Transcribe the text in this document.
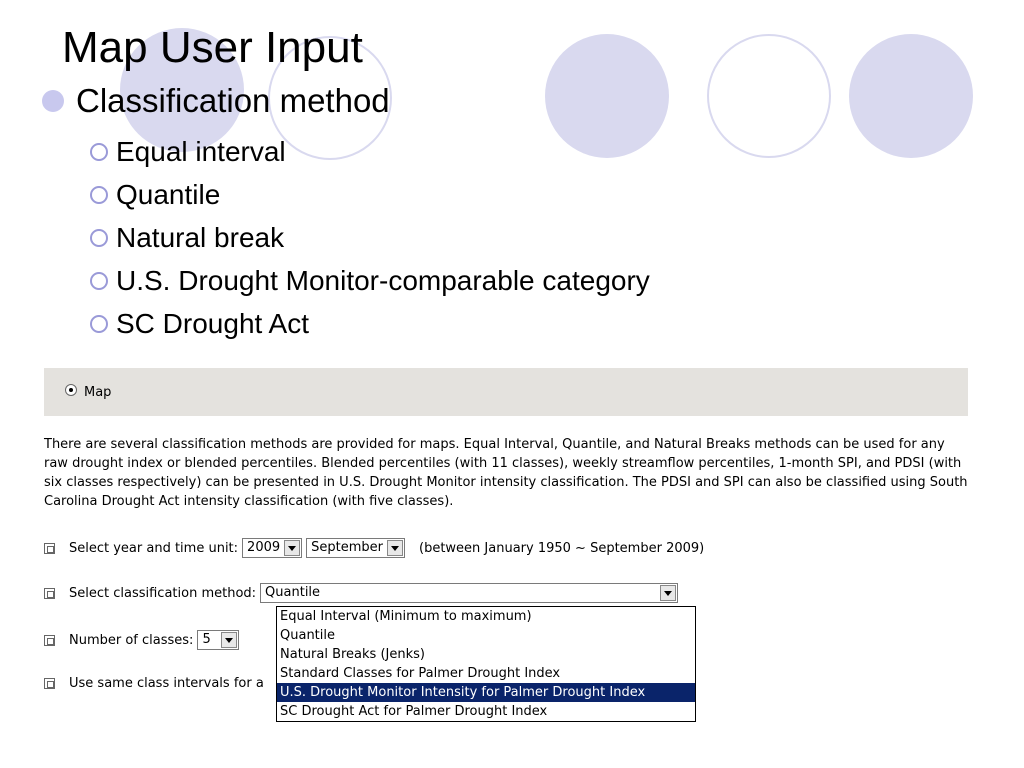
Map User Input
Classification method
Equal interval
Quantile
Natural break
U.S. Drought Monitor-comparable category
SC Drought Act
Map
There are several classification methods are provided for maps. Equal Interval, Quantile, and Natural Breaks methods can be used for any raw drought index or blended percentiles. Blended percentiles (with 11 classes), weekly streamflow percentiles, 1-month SPI, and PDSI (with six classes respectively) can be presented in U.S. Drought Monitor intensity classification. The PDSI and SPI can also be classified using South Carolina Drought Act intensity classification (with five classes).
Select year and time unit: 2009	September	(between January 1950 ~ September 2009)
Select classification method: Quantile
Number of classes: 5
Use same class intervals for a
Equal Interval (Minimum to maximum)
Quantile
Natural Breaks (Jenks)
Standard Classes for Palmer Drought Index
U.S. Drought Monitor Intensity for Palmer Drought Index
SC Drought Act for Palmer Drought Index
